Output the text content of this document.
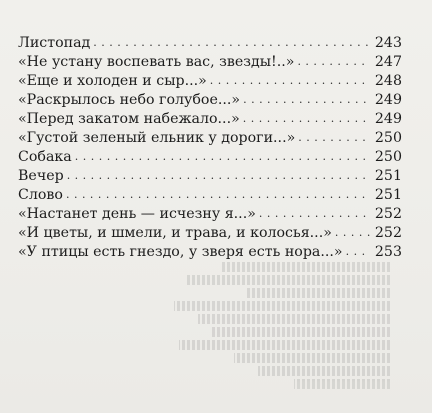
Листопад . . .	243
«Не устану воспевать вас, звезды!..» . . .	247
«Еще и холоден и сыр...» . . .	248
«Раскрылось небо голубое...» . . .	249
«Перед закатом набежало...» . . .	249
«Густой зеленый ельник у дороги...» . . .	250
Собака . . .	250
Вечер . . .	251
Слово . . .	251
«Настанет день — исчезну я...» . . .	252
«И цветы, и шмели, и трава, и колосья...» . . .	252
«У птицы есть гнездо, у зверя есть нора...» . . .	253
